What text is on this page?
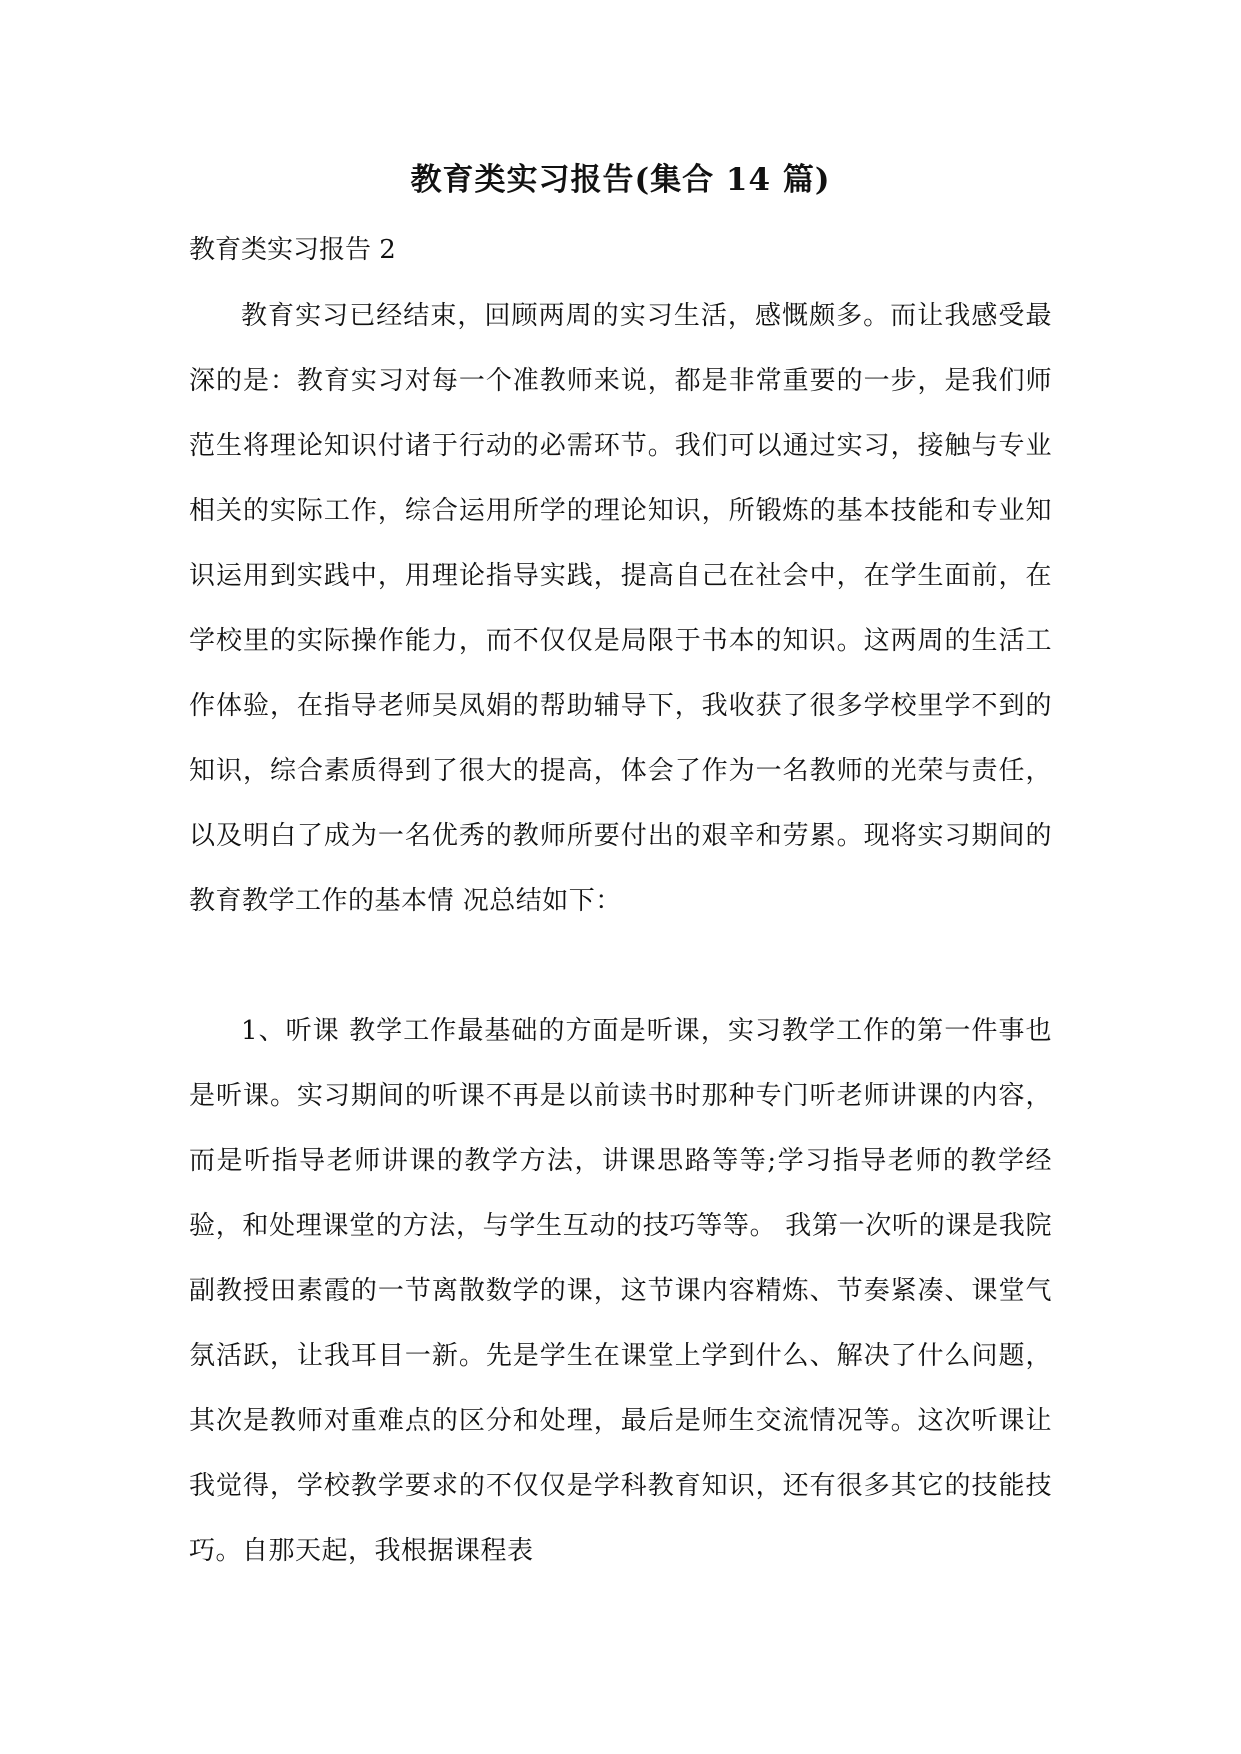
教育类实习报告(集合 14 篇)
教育类实习报告 2
教育实习已经结束，回顾两周的实习生活，感慨颇多。而让我感受最深的是：教育实习对每一个准教师来说，都是非常重要的一步，是我们师范生将理论知识付诸于行动的必需环节。我们可以通过实习，接触与专业相关的实际工作，综合运用所学的理论知识，所锻炼的基本技能和专业知识运用到实践中，用理论指导实践，提高自己在社会中，在学生面前，在学校里的实际操作能力，而不仅仅是局限于书本的知识。这两周的生活工作体验，在指导老师吴凤娟的帮助辅导下，我收获了很多学校里学不到的知识，综合素质得到了很大的提高，体会了作为一名教师的光荣与责任，以及明白了成为一名优秀的教师所要付出的艰辛和劳累。现将实习期间的教育教学工作的基本情 况总结如下：
1、听课 教学工作最基础的方面是听课，实习教学工作的第一件事也是听课。实习期间的听课不再是以前读书时那种专门听老师讲课的内容，而是听指导老师讲课的教学方法，讲课思路等等;学习指导老师的教学经验，和处理课堂的方法，与学生互动的技巧等等。 我第一次听的课是我院副教授田素霞的一节离散数学的课，这节课内容精炼、节奏紧凑、课堂气氛活跃，让我耳目一新。先是学生在课堂上学到什么、解决了什么问题，其次是教师对重难点的区分和处理，最后是师生交流情况等。这次听课让我觉得，学校教学要求的不仅仅是学科教育知识，还有很多其它的技能技巧。自那天起，我根据课程表
